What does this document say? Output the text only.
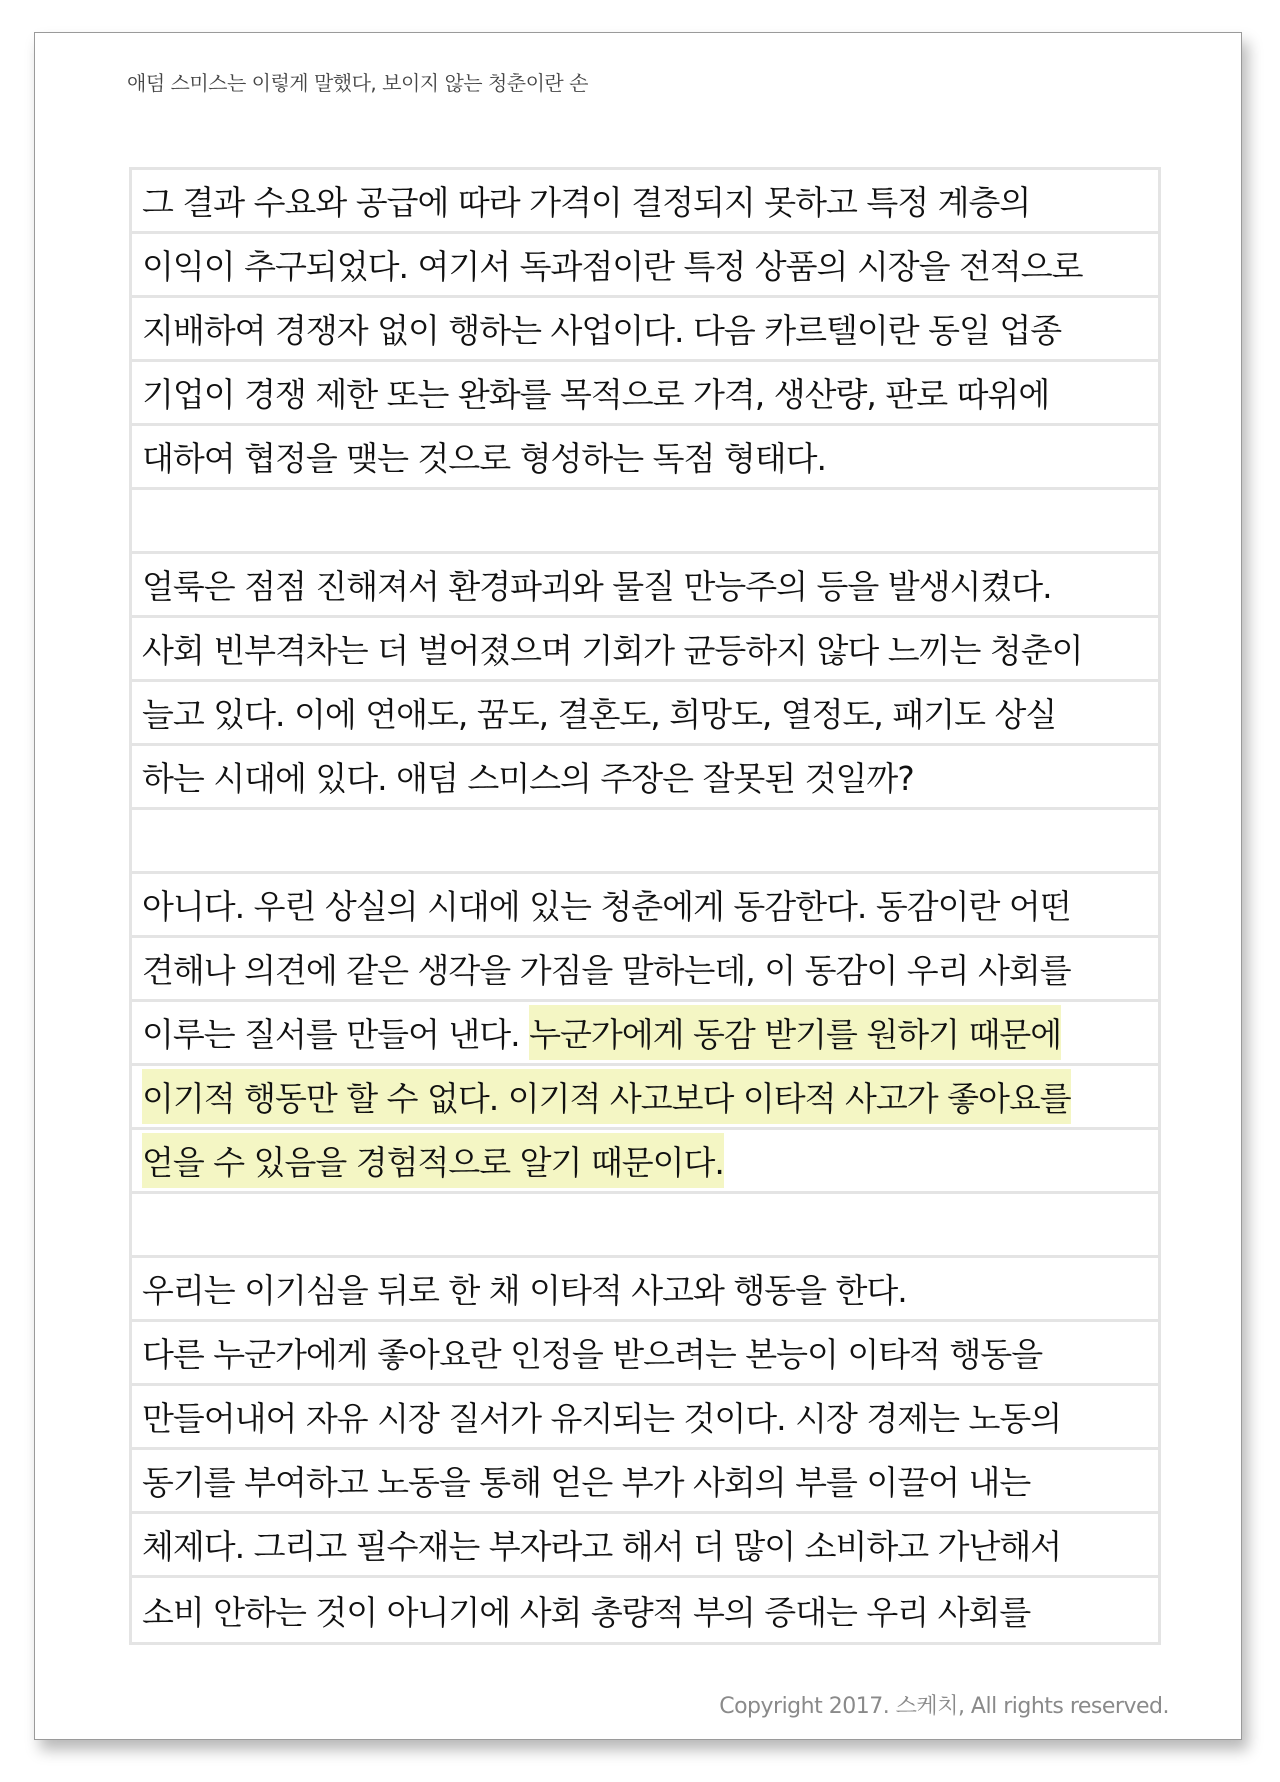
애덤 스미스는 이렇게 말했다, 보이지 않는 청춘이란 손
그 결과 수요와 공급에 따라 가격이 결정되지 못하고 특정 계층의
이익이 추구되었다. 여기서 독과점이란 특정 상품의 시장을 전적으로
지배하여 경쟁자 없이 행하는 사업이다. 다음 카르텔이란 동일 업종
기업이 경쟁 제한 또는 완화를 목적으로 가격, 생산량, 판로 따위에
대하여 협정을 맺는 것으로 형성하는 독점 형태다.
얼룩은 점점 진해져서 환경파괴와 물질 만능주의 등을 발생시켰다.
사회 빈부격차는 더 벌어졌으며 기회가 균등하지 않다 느끼는 청춘이
늘고 있다. 이에 연애도, 꿈도, 결혼도, 희망도, 열정도, 패기도 상실
하는 시대에 있다. 애덤 스미스의 주장은 잘못된 것일까?
아니다. 우린 상실의 시대에 있는 청춘에게 동감한다. 동감이란 어떤
견해나 의견에 같은 생각을 가짐을 말하는데, 이 동감이 우리 사회를
이루는 질서를 만들어 낸다. 누군가에게 동감 받기를 원하기 때문에
이기적 행동만 할 수 없다. 이기적 사고보다 이타적 사고가 좋아요를
얻을 수 있음을 경험적으로 알기 때문이다.
우리는 이기심을 뒤로 한 채 이타적 사고와 행동을 한다.
다른 누군가에게 좋아요란 인정을 받으려는 본능이 이타적 행동을
만들어내어 자유 시장 질서가 유지되는 것이다. 시장 경제는 노동의
동기를 부여하고 노동을 통해 얻은 부가 사회의 부를 이끌어 내는
체제다. 그리고 필수재는 부자라고 해서 더 많이 소비하고 가난해서
소비 안하는 것이 아니기에 사회 총량적 부의 증대는 우리 사회를
Copyright 2017. 스케치, All rights reserved.
